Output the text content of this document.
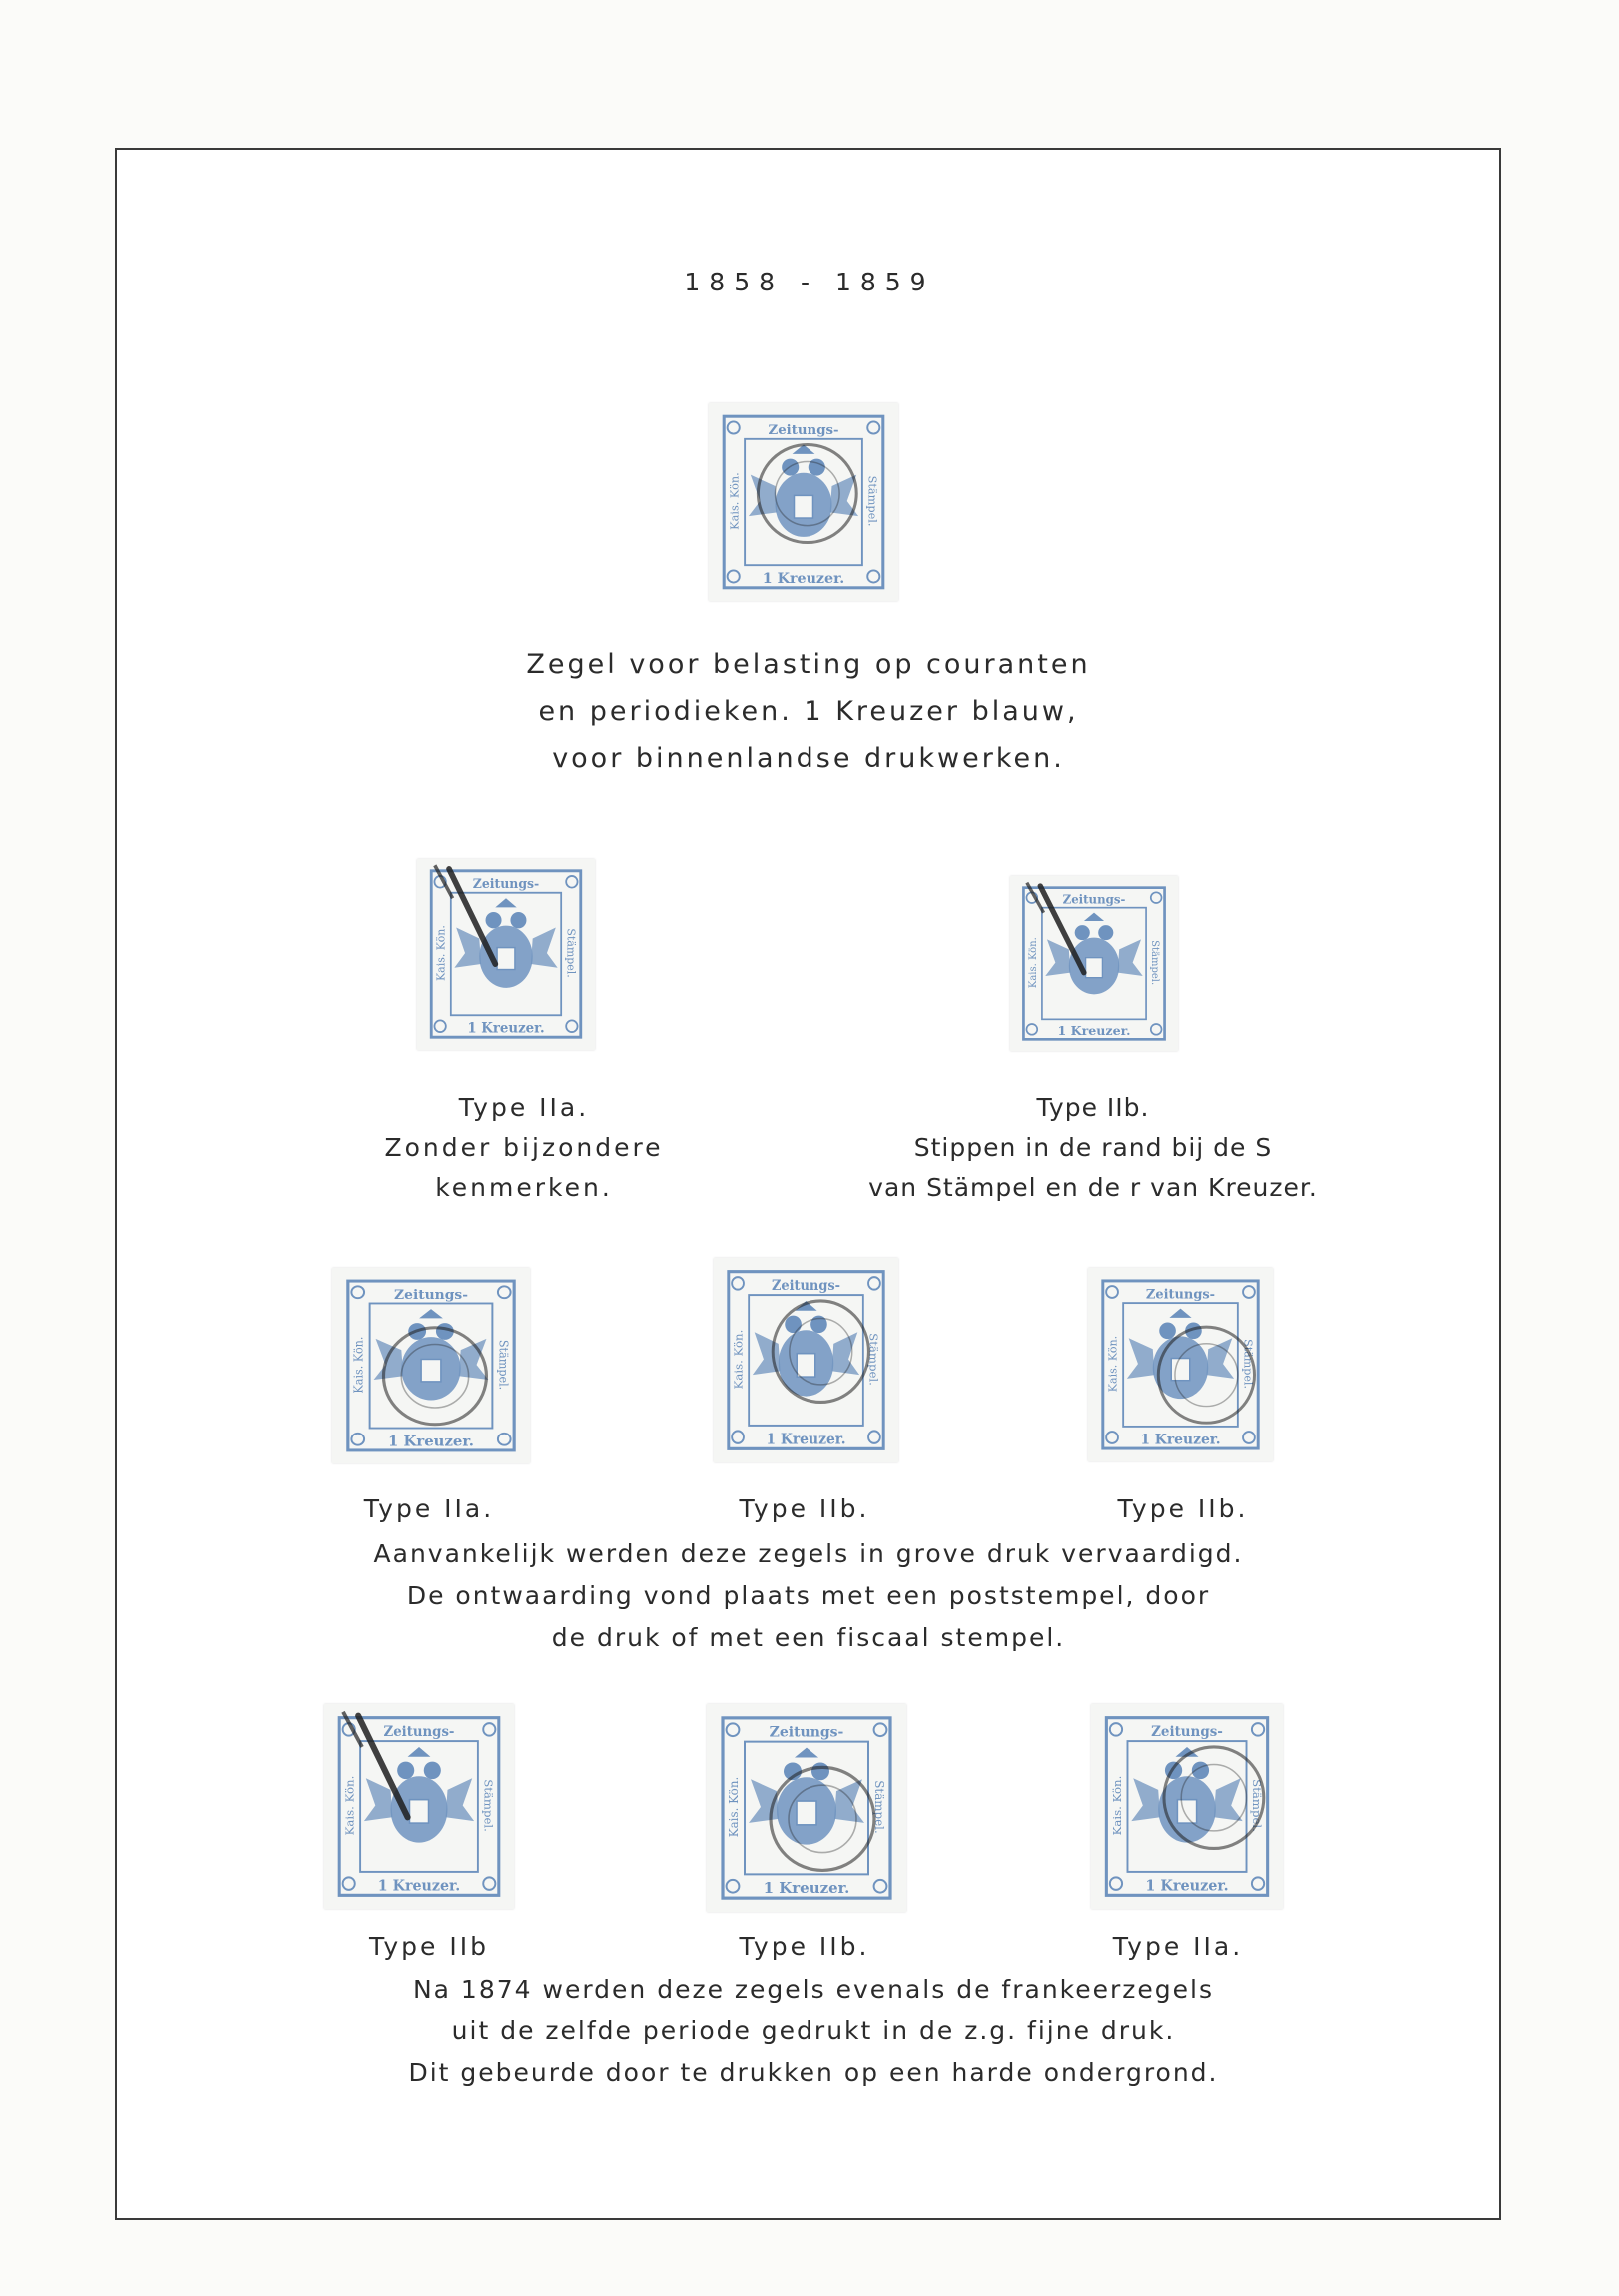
1858 - 1859
Zeitungs-
1 Kreuzer.
Kais. Kön.	Stämpel.
Zegel voor belasting op couranten
en periodieken. 1 Kreuzer blauw,
voor binnenlandse drukwerken.
Zeitungs-
1 Kreuzer.
Kais. Kön.	Stämpel.
Zeitungs-
1 Kreuzer.
Kais. Kön.	Stämpel.
Type IIa.
Zonder bijzondere
kenmerken.
Type IIb.
Stippen in de rand bij de S
van Stämpel en de r van Kreuzer.
Zeitungs-
1 Kreuzer.
Kais. Kön.	Stämpel.
Zeitungs-
1 Kreuzer.
Kais. Kön.	Stämpel.
Zeitungs-
1 Kreuzer.
Kais. Kön.	Stämpel.
Type IIa.	Type IIb.	Type IIb.
Aanvankelijk werden deze zegels in grove druk vervaardigd.
De ontwaarding vond plaats met een poststempel, door
de druk of met een fiscaal stempel.
Zeitungs-
1 Kreuzer.
Kais. Kön.	Stämpel.
Zeitungs-
1 Kreuzer.
Kais. Kön.	Stämpel.
Zeitungs-
1 Kreuzer.
Kais. Kön.	Stämpel.
Type IIb	Type IIb.	Type IIa.
Na 1874 werden deze zegels evenals de frankeerzegels
uit de zelfde periode gedrukt in de z.g. fijne druk.
Dit gebeurde door te drukken op een harde ondergrond.
